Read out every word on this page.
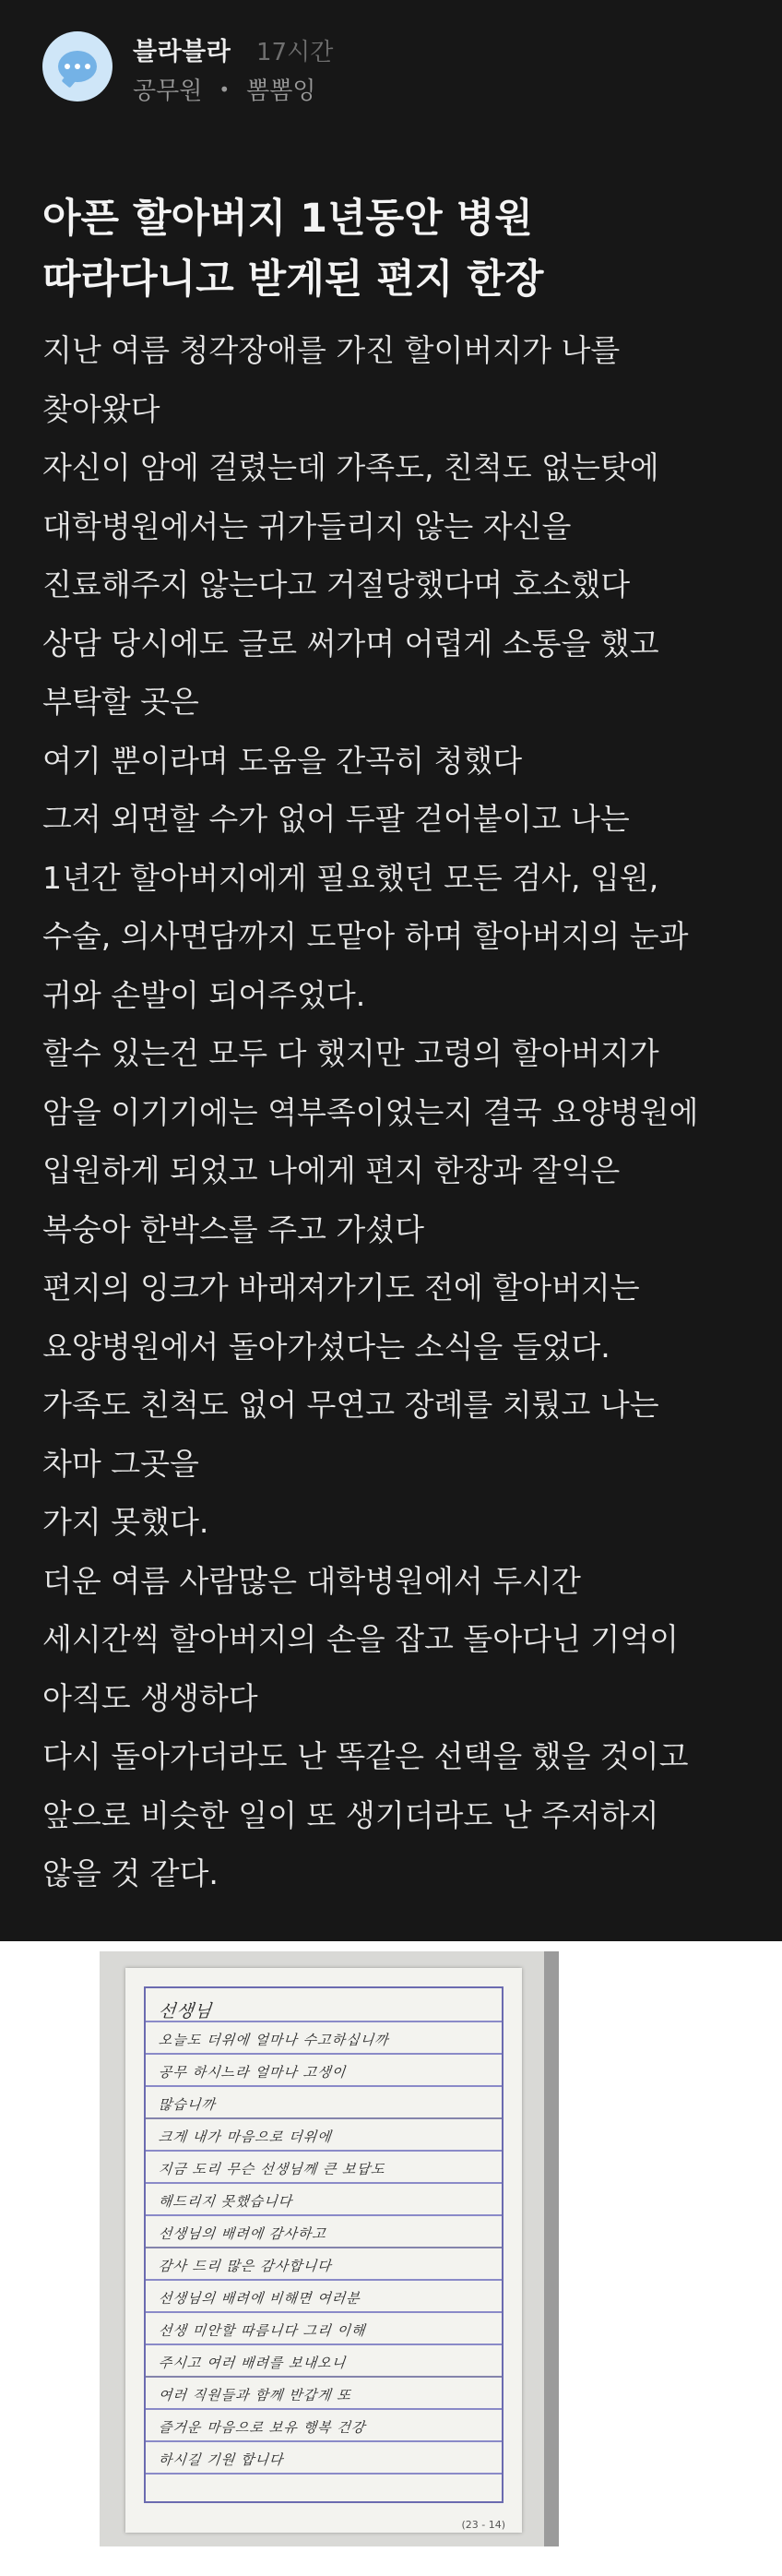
블라블라 17시간
공무원 • 뽐뽐잉
아픈 할아버지 1년동안 병원
따라다니고 받게된 편지 한장
지난 여름 청각장애를 가진 할이버지가 나를
찾아왔다
자신이 암에 걸렸는데 가족도, 친척도 없는탓에
대학병원에서는 귀가들리지 않는 자신을
진료해주지 않는다고 거절당했다며 호소했다
상담 당시에도 글로 써가며 어렵게 소통을 했고
부탁할 곳은
여기 뿐이라며 도움을 간곡히 청했다
그저 외면할 수가 없어 두팔 걷어붙이고 나는
1년간 할아버지에게 필요했던 모든 검사, 입원,
수술, 의사면담까지 도맡아 하며 할아버지의 눈과
귀와 손발이 되어주었다.
할수 있는건 모두 다 했지만 고령의 할아버지가
암을 이기기에는 역부족이었는지 결국 요양병원에
입원하게 되었고 나에게 편지 한장과 잘익은
복숭아 한박스를 주고 가셨다
편지의 잉크가 바래져가기도 전에 할아버지는
요양병원에서 돌아가셨다는 소식을 들었다.
가족도 친척도 없어 무연고 장례를 치뤘고 나는
차마 그곳을
가지 못했다.
더운 여름 사람많은 대학병원에서 두시간
세시간씩 할아버지의 손을 잡고 돌아다닌 기억이
아직도 생생하다
다시 돌아가더라도 난 똑같은 선택을 했을 것이고
앞으로 비슷한 일이 또 생기더라도 난 주저하지
않을 것 같다.
선생님
오늘도 더위에 얼마나 수고하십니까
공무 하시느라 얼마나 고생이
많습니까
크게 내가 마음으로 더위에
지금 도리 무슨 선생님께 큰 보답도
해드리지 못했습니다
선생님의 배려에 감사하고
감사 드리 많은 감사합니다
선생님의 배려에 비해면 여러분
선생 미안할 따름니다 그리 이해
주시고 여러 배려를 보내오니
여러 직원들과 함께 반갑게 또
즐거운 마음으로 보유 행복 건강
하시길 기원 합니다
(23 - 14)
